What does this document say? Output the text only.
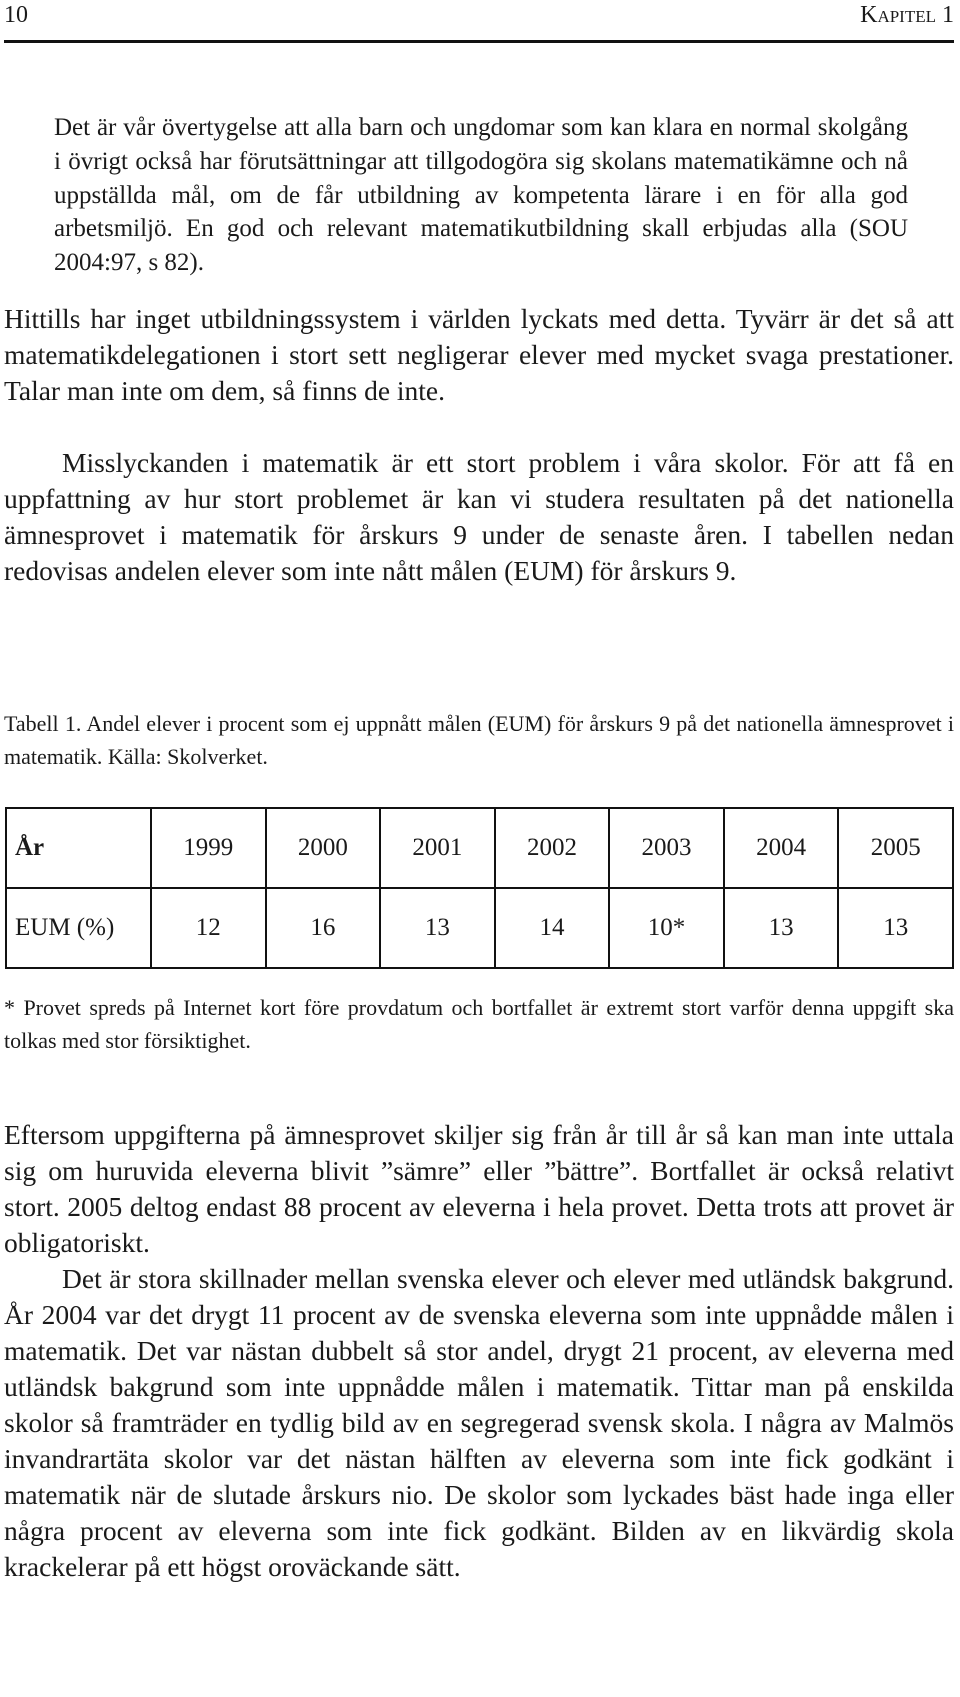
10	Kapitel 1
Det är vår övertygelse att alla barn och ungdomar som kan klara en normal skolgång i övrigt också har förutsättningar att tillgodogöra sig skolans matematikämne och nå uppställda mål, om de får utbildning av kompetenta lärare i en för alla god arbetsmiljö. En god och relevant matematikutbildning skall erbjudas alla (SOU 2004:97, s 82).
Hittills har inget utbildningssystem i världen lyckats med detta. Tyvärr är det så att matematikdelegationen i stort sett negligerar elever med mycket svaga prestationer. Talar man inte om dem, så finns de inte.
Misslyckanden i matematik är ett stort problem i våra skolor. För att få en uppfattning av hur stort problemet är kan vi studera resultaten på det nationella ämnesprovet i matematik för årskurs 9 under de senaste åren. I tabellen nedan redovisas andelen elever som inte nått målen (EUM) för årskurs 9.
Tabell 1. Andel elever i procent som ej uppnått målen (EUM) för årskurs 9 på det nationella ämnesprovet i matematik. Källa: Skolverket.
År	1999	2000	2001	2002	2003	2004	2005
EUM (%)	12	16	13	14	10*	13	13
* Provet spreds på Internet kort före provdatum och bortfallet är extremt stort varför denna uppgift ska tolkas med stor försiktighet.
Eftersom uppgifterna på ämnesprovet skiljer sig från år till år så kan man inte uttala sig om huruvida eleverna blivit ”sämre” eller ”bättre”. Bortfallet är också relativt stort. 2005 deltog endast 88 procent av eleverna i hela provet. Detta trots att provet är obligatoriskt.
Det är stora skillnader mellan svenska elever och elever med utländsk bakgrund. År 2004 var det drygt 11 procent av de svenska eleverna som inte uppnådde målen i matematik. Det var nästan dubbelt så stor andel, drygt 21 procent, av eleverna med utländsk bakgrund som inte uppnådde målen i matematik. Tittar man på enskilda skolor så framträder en tydlig bild av en segregerad svensk skola. I några av Malmös invandrartäta skolor var det nästan hälften av eleverna som inte fick godkänt i matematik när de slutade årskurs nio. De skolor som lyckades bäst hade inga eller några procent av eleverna som inte fick godkänt. Bilden av en likvärdig skola krackelerar på ett högst oroväckande sätt.
